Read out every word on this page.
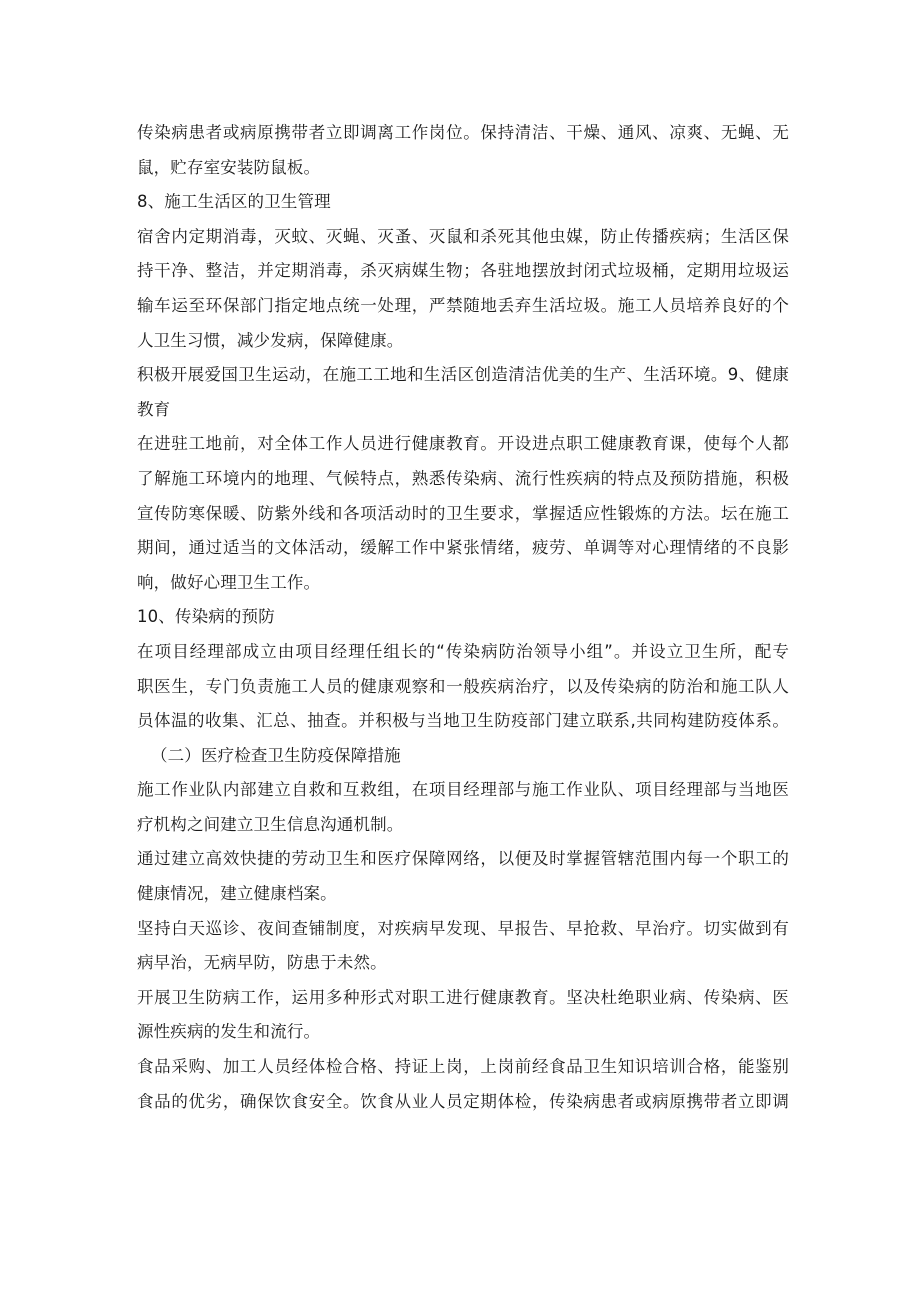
传染病患者或病原携带者立即调离工作岗位。保持清洁、干燥、通风、凉爽、无蝇、无
鼠，贮存室安装防鼠板。
8、施工生活区的卫生管理
宿舍内定期消毒，灭蚊、灭蝇、灭蚤、灭鼠和杀死其他虫媒，防止传播疾病；生活区保
持干净、整洁，并定期消毒，杀灭病媒生物；各驻地摆放封闭式垃圾桶，定期用垃圾运
输车运至环保部门指定地点统一处理，严禁随地丢弃生活垃圾。施工人员培养良好的个
人卫生习惯，减少发病，保障健康。
积极开展爱国卫生运动，在施工工地和生活区创造清洁优美的生产、生活环境。9、健康
教育
在进驻工地前，对全体工作人员进行健康教育。开设进点职工健康教育课，使每个人都
了解施工环境内的地理、气候特点，熟悉传染病、流行性疾病的特点及预防措施，积极
宣传防寒保暖、防紫外线和各项活动时的卫生要求，掌握适应性锻炼的方法。坛在施工
期间，通过适当的文体活动，缓解工作中紧张情绪，疲劳、单调等对心理情绪的不良影
响，做好心理卫生工作。
10、传染病的预防
在项目经理部成立由项目经理任组长的“传染病防治领导小组”。并设立卫生所，配专
职医生，专门负责施工人员的健康观察和一般疾病治疗，以及传染病的防治和施工队人
员体温的收集、汇总、抽查。并积极与当地卫生防疫部门建立联系,共同构建防疫体系。
（二）医疗检查卫生防疫保障措施
施工作业队内部建立自救和互救组，在项目经理部与施工作业队、项目经理部与当地医
疗机构之间建立卫生信息沟通机制。
通过建立高效快捷的劳动卫生和医疗保障网络，以便及时掌握管辖范围内每一个职工的
健康情况，建立健康档案。
坚持白天巡诊、夜间查铺制度，对疾病早发现、早报告、早抢救、早治疗。切实做到有
病早治，无病早防，防患于未然。
开展卫生防病工作，运用多种形式对职工进行健康教育。坚决杜绝职业病、传染病、医
源性疾病的发生和流行。
食品采购、加工人员经体检合格、持证上岗，上岗前经食品卫生知识培训合格，能鉴别
食品的优劣，确保饮食安全。饮食从业人员定期体检，传染病患者或病原携带者立即调
